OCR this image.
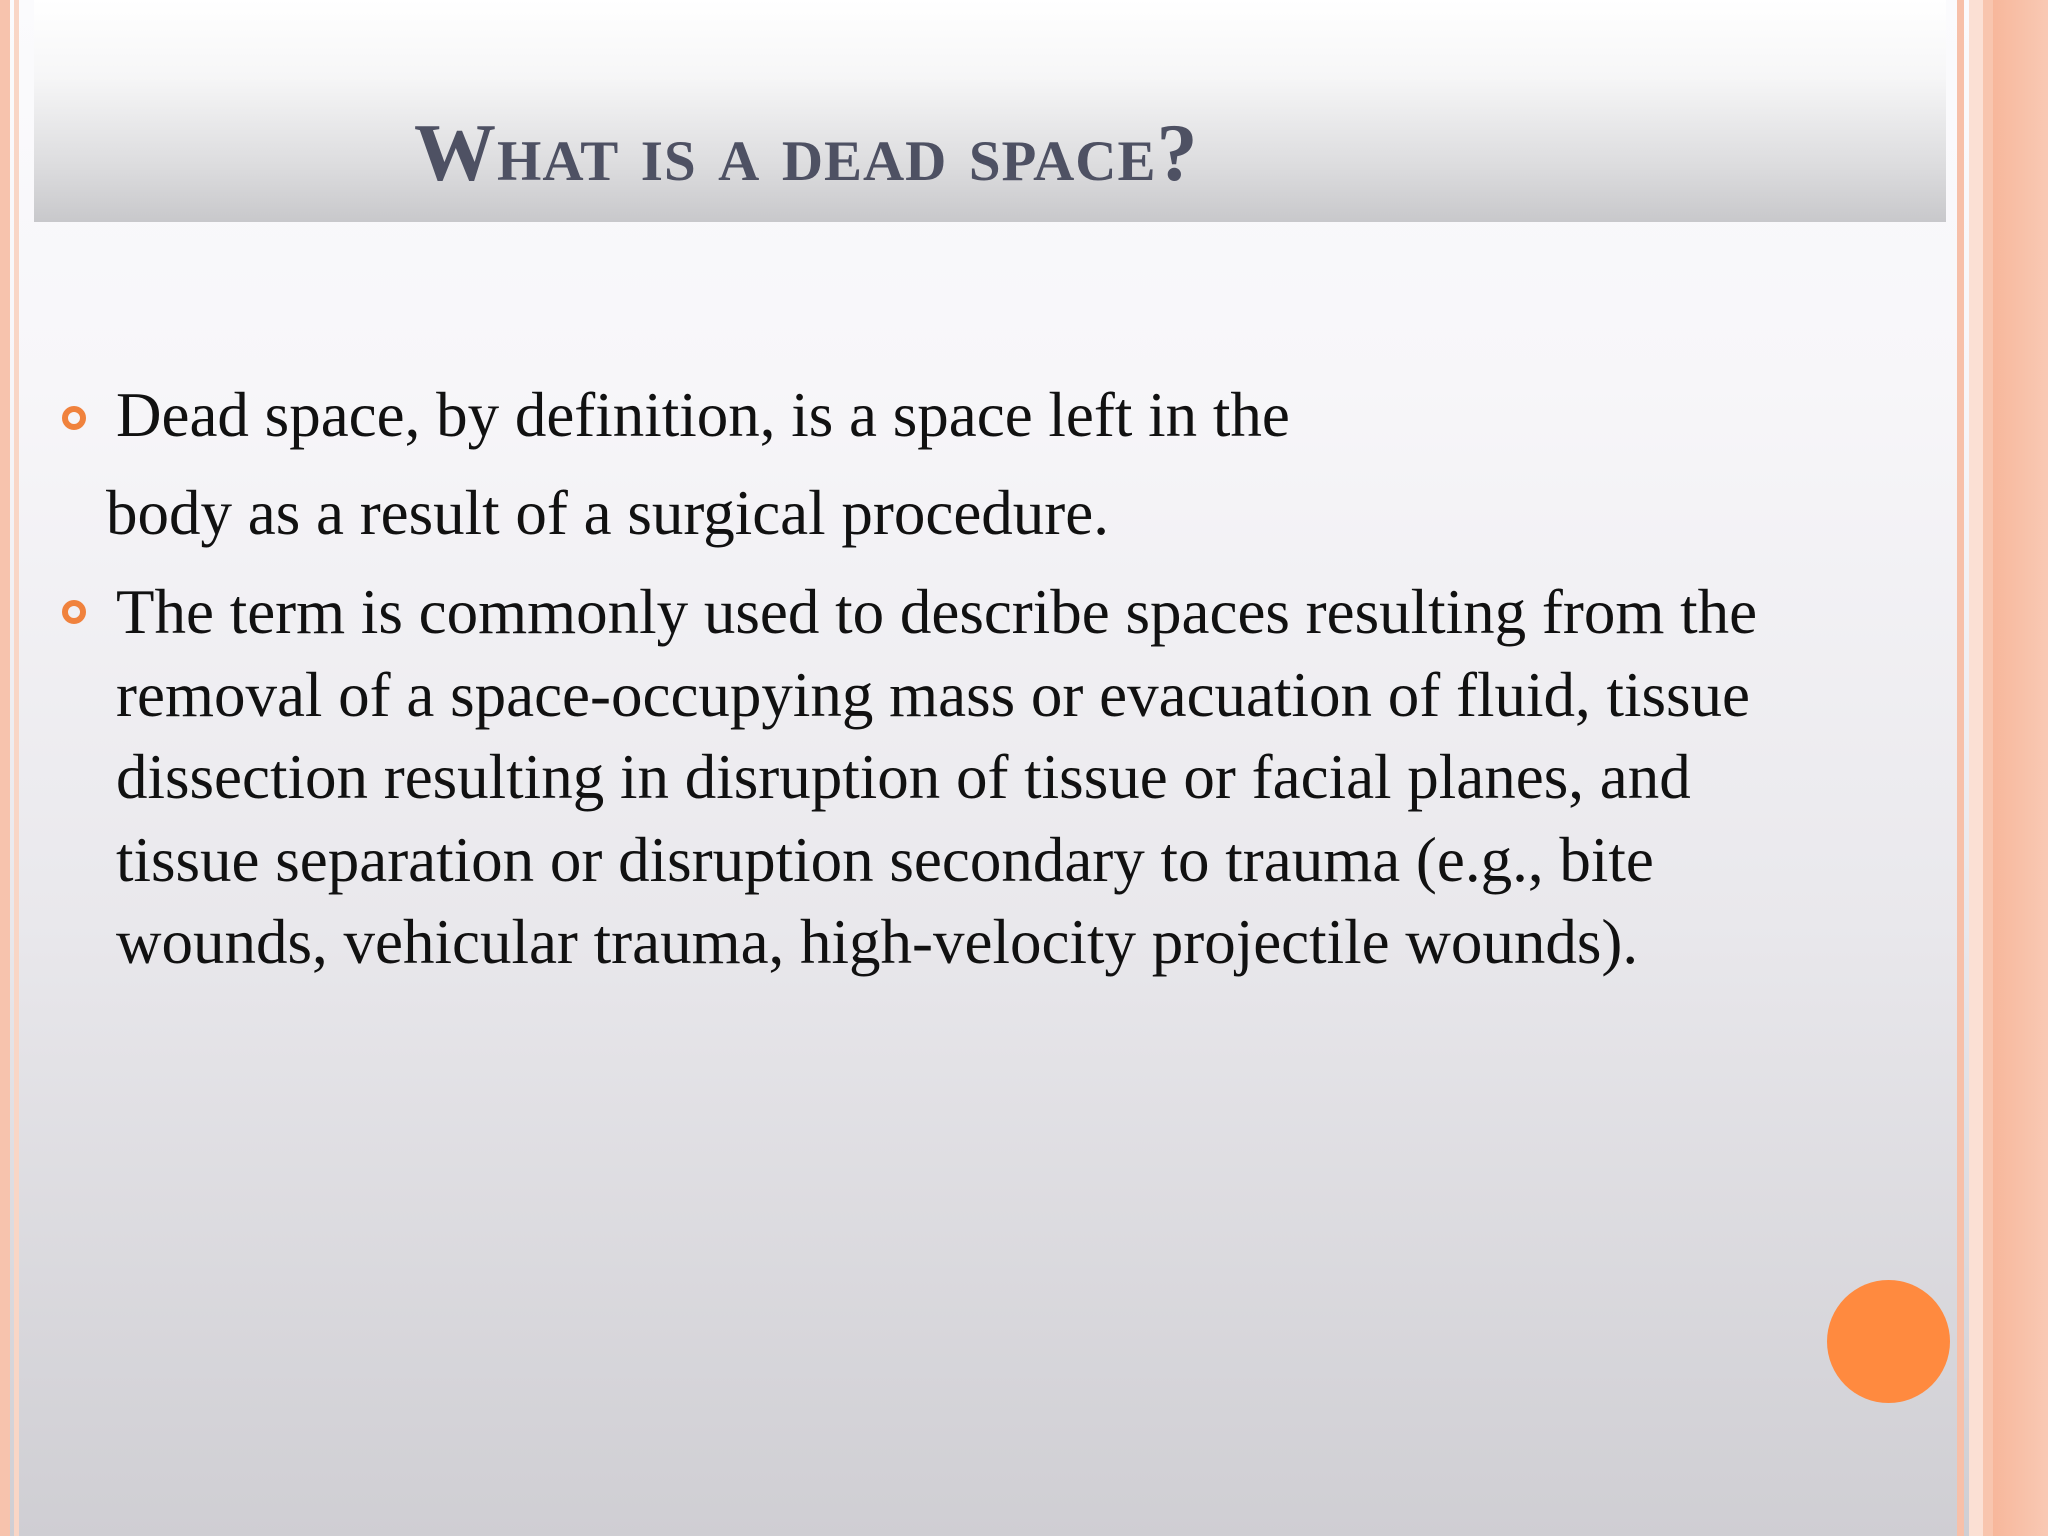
What is a dead space?

Dead space, by definition, is a space left in the

body as a result of a surgical procedure.

The term is commonly used to describe spaces resulting from the
removal of a space-occupying mass or evacuation of fluid, tissue
dissection resulting in disruption of tissue or facial planes, and
tissue separation or disruption secondary to trauma (e.g., bite
wounds, vehicular trauma, high-velocity projectile wounds).
